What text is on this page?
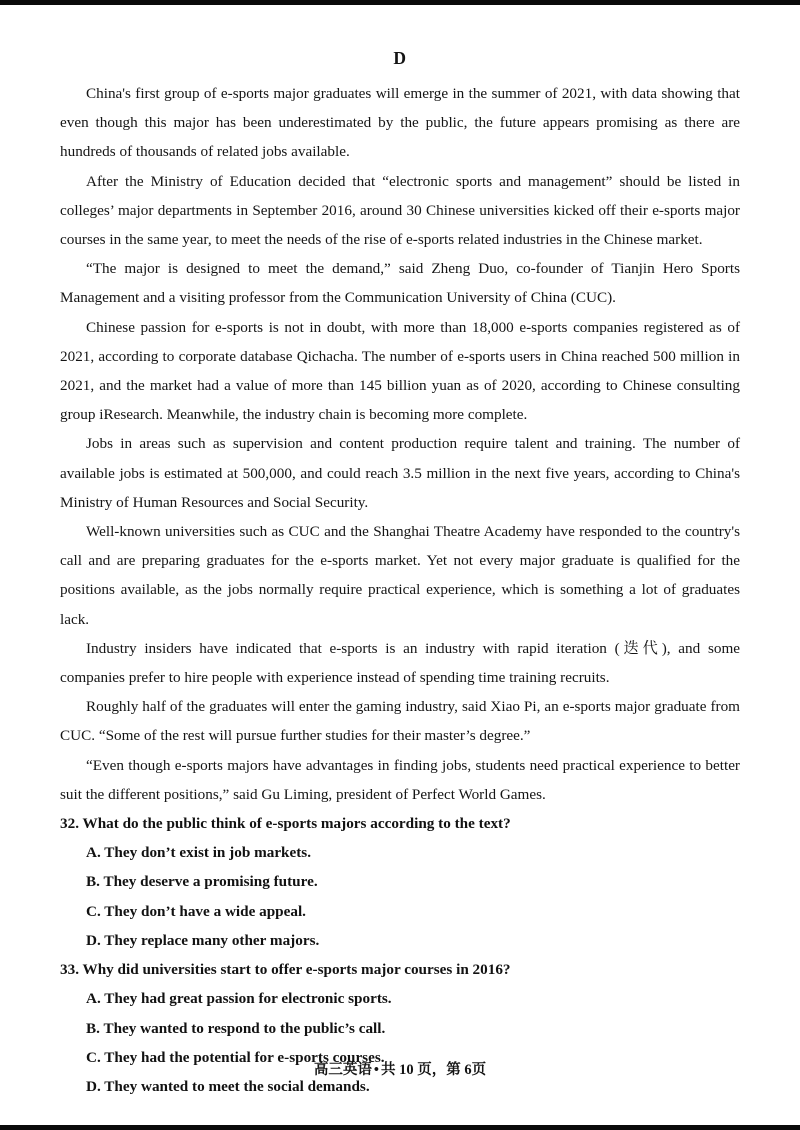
D

China's first group of e-sports major graduates will emerge in the summer of 2021, with data showing that even though this major has been underestimated by the public, the future appears promising as there are hundreds of thousands of related jobs available.

After the Ministry of Education decided that “electronic sports and management” should be listed in colleges’ major departments in September 2016, around 30 Chinese universities kicked off their e-sports major courses in the same year, to meet the needs of the rise of e-sports related industries in the Chinese market.

“The major is designed to meet the demand,” said Zheng Duo, co-founder of Tianjin Hero Sports Management and a visiting professor from the Communication University of China (CUC).

Chinese passion for e-sports is not in doubt, with more than 18,000 e-sports companies registered as of 2021, according to corporate database Qichacha. The number of e-sports users in China reached 500 million in 2021, and the market had a value of more than 145 billion yuan as of 2020, according to Chinese consulting group iResearch. Meanwhile, the industry chain is becoming more complete.

Jobs in areas such as supervision and content production require talent and training. The number of available jobs is estimated at 500,000, and could reach 3.5 million in the next five years, according to China's Ministry of Human Resources and Social Security.

Well-known universities such as CUC and the Shanghai Theatre Academy have responded to the country's call and are preparing graduates for the e-sports market. Yet not every major graduate is qualified for the positions available, as the jobs normally require practical experience, which is something a lot of graduates lack.

Industry insiders have indicated that e-sports is an industry with rapid iteration (迭代), and some companies prefer to hire people with experience instead of spending time training recruits.

Roughly half of the graduates will enter the gaming industry, said Xiao Pi, an e-sports major graduate from CUC. “Some of the rest will pursue further studies for their master’s degree.”

“Even though e-sports majors have advantages in finding jobs, students need practical experience to better suit the different positions,” said Gu Liming, president of Perfect World Games.

32. What do the public think of e-sports majors according to the text?

A. They don’t exist in job markets.

B. They deserve a promising future.

C. They don’t have a wide appeal.

D. They replace many other majors.

33. Why did universities start to offer e-sports major courses in 2016?

A. They had great passion for electronic sports.

B. They wanted to respond to the public’s call.

C. They had the potential for e-sports courses.

D. They wanted to meet the social demands.

高三英语 • 共 10 页，第 6页
